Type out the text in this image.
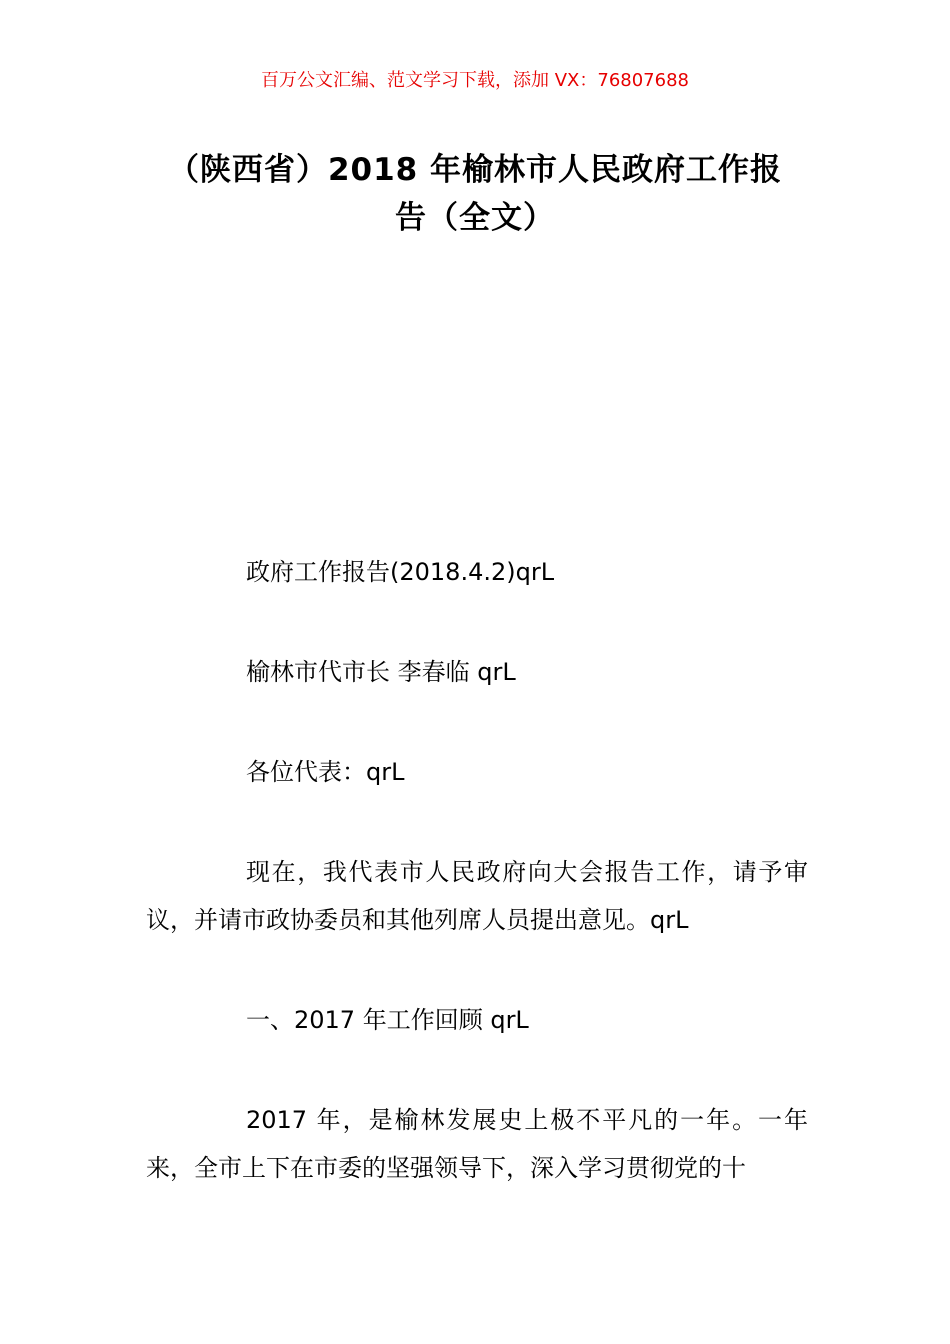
百万公文汇编、范文学习下载，添加 VX：76807688
（陕西省）2018 年榆林市人民政府工作报
告（全文）

政府工作报告(2018.4.2)qrL

榆林市代市长 李春临 qrL

各位代表：qrL

现在，我代表市人民政府向大会报告工作，请予审议，并请市政协委员和其他列席人员提出意见。qrL

一、2017 年工作回顾 qrL

2017 年，是榆林发展史上极不平凡的一年。一年来，全市上下在市委的坚强领导下，深入学习贯彻党的十
